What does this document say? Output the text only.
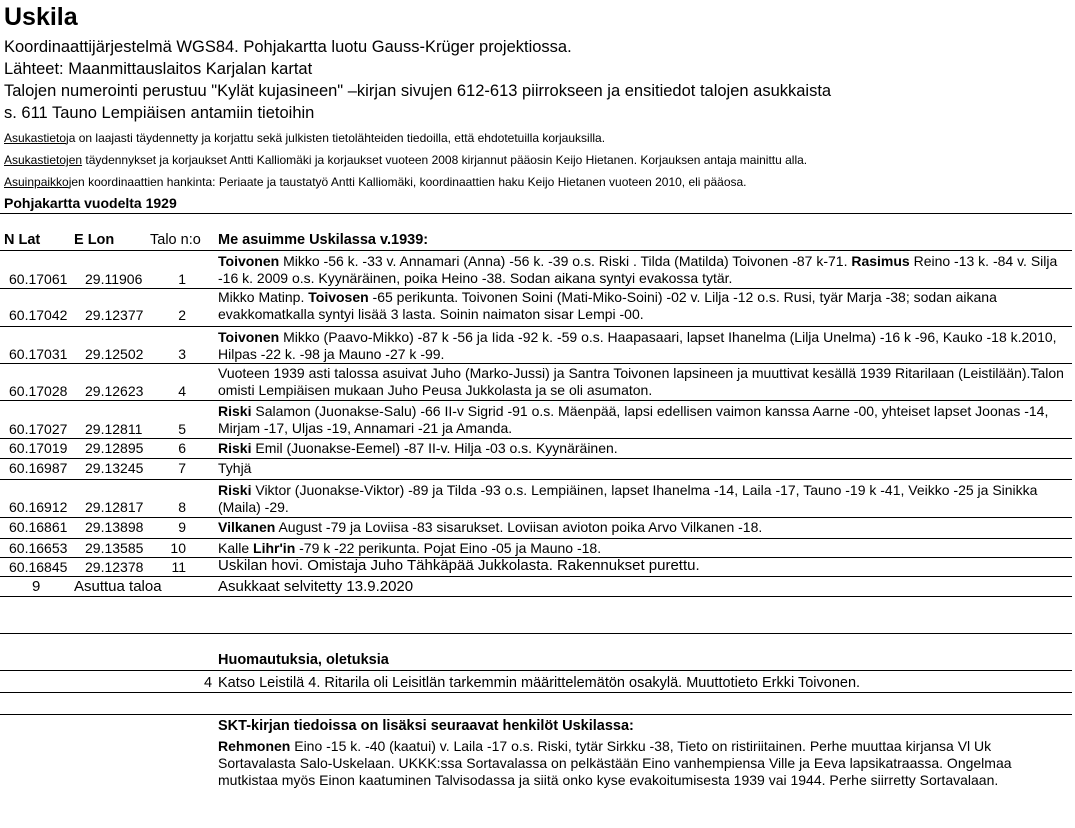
Uskila
Koordinaattijärjestelmä WGS84. Pohjakartta luotu Gauss-Krüger projektiossa.
Lähteet: Maanmittauslaitos Karjalan kartat
Talojen numerointi perustuu "Kylät kujasineen" –kirjan sivujen 612-613 piirrokseen ja ensitiedot talojen asukkaista
s. 611 Tauno Lempiäisen antamiin tietoihin
Asukastietoja on laajasti täydennetty ja korjattu sekä julkisten tietolähteiden tiedoilla, että ehdotetuilla korjauksilla.
Asukastietojen täydennykset ja korjaukset Antti Kalliomäki ja korjaukset vuoteen 2008 kirjannut pääosin Keijo Hietanen. Korjauksen antaja mainittu alla.
Asuinpaikkojen koordinaattien hankinta: Periaate ja taustatyö Antti Kalliomäki, koordinaattien haku Keijo Hietanen vuoteen 2010, eli pääosa.
Pohjakartta vuodelta 1929
N Lat E Lon Talo n:o Me asuimme Uskilassa v.1939:
60.17061 29.11906	1
Toivonen Mikko -56 k. -33 v. Annamari (Anna) -56 k. -39 o.s. Riski . Tilda (Matilda) Toivonen -87 k-71. Rasimus Reino -13 k. -84 v. Silja -16 k. 2009 o.s. Kyynäräinen, poika Heino -38. Sodan aikana syntyi evakossa tytär.
60.17042 29.12377	2
Mikko Matinp. Toivosen -65 perikunta. Toivonen Soini (Mati-Miko-Soini) -02 v. Lilja -12 o.s. Rusi, tyär Marja -38; sodan aikana evakkomatkalla syntyi lisää 3 lasta. Soinin naimaton sisar Lempi -00.
60.17031 29.12502	3
Toivonen Mikko (Paavo-Mikko) -87 k -56 ja Iida -92 k. -59 o.s. Haapasaari, lapset Ihanelma (Lilja Unelma) -16 k -96, Kauko -18 k.2010, Hilpas -22 k. -98 ja Mauno -27 k -99.
60.17028 29.12623	4
Vuoteen 1939 asti talossa asuivat Juho (Marko-Jussi) ja Santra Toivonen lapsineen ja muuttivat kesällä 1939 Ritarilaan (Leistilään).Talon omisti Lempiäisen mukaan Juho Peusa Jukkolasta ja se oli asumaton.
60.17027 29.12811	5
Riski Salamon (Juonakse-Salu) -66 II-v Sigrid -91 o.s. Mäenpää, lapsi edellisen vaimon kanssa Aarne -00, yhteiset lapset Joonas -14, Mirjam -17, Uljas -19, Annamari -21 ja Amanda.
60.17019 29.12895	6 Riski Emil (Juonakse-Eemel) -87 II-v. Hilja -03 o.s. Kyynäräinen.
60.16987 29.13245	7 Tyhjä
60.16912 29.12817	8
Riski Viktor (Juonakse-Viktor) -89 ja Tilda -93 o.s. Lempiäinen, lapset Ihanelma -14, Laila -17, Tauno -19 k -41, Veikko -25 ja Sinikka (Maila) -29.
60.16861 29.13898	9 Vilkanen August -79 ja Loviisa -83 sisarukset. Loviisan avioton poika Arvo Vilkanen -18.
60.16653 29.13585	10 Kalle Lihr'in -79 k -22 perikunta. Pojat Eino -05 ja Mauno -18.
60.16845 29.12378	11 Uskilan hovi. Omistaja Juho Tähkäpää Jukkolasta. Rakennukset purettu.
9 Asuttua taloa	Asukkaat selvitetty 13.9.2020
Huomautuksia, oletuksia
4 Katso Leistilä 4. Ritarila oli Leisitlän tarkemmin määrittelemätön osakylä. Muuttotieto Erkki Toivonen.
SKT-kirjan tiedoissa on lisäksi seuraavat henkilöt Uskilassa:
Rehmonen Eino -15 k. -40 (kaatui) v. Laila -17 o.s. Riski, tytär Sirkku -38, Tieto on ristiriitainen. Perhe muuttaa kirjansa Vl Uk Sortavalasta Salo-Uskelaan. UKKK:ssa Sortavalassa on pelkästään Eino vanhempiensa Ville ja Eeva lapsikatraassa. Ongelmaa mutkistaa myös Einon kaatuminen Talvisodassa ja siitä onko kyse evakoitumisesta 1939 vai 1944. Perhe siirretty Sortavalaan.
